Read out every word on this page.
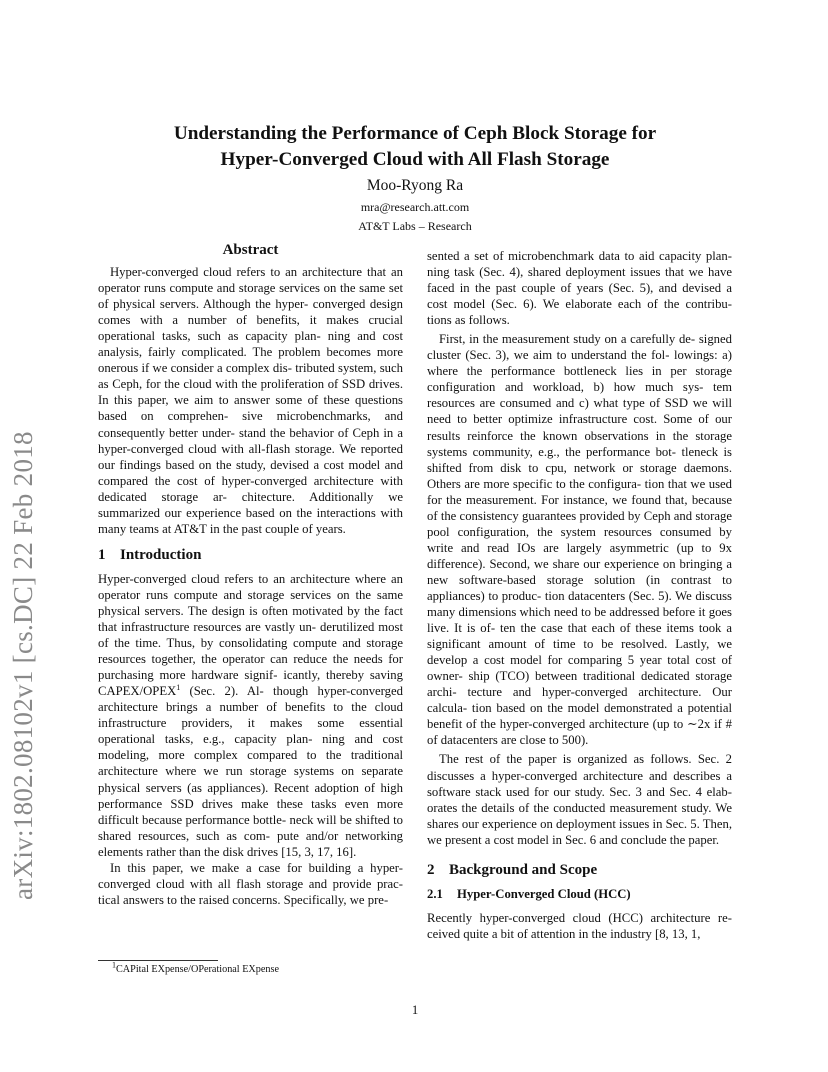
arXiv:1802.08102v1 [cs.DC] 22 Feb 2018
Understanding the Performance of Ceph Block Storage for
Hyper-Converged Cloud with All Flash Storage
Moo-Ryong Ra
mra@research.att.com
AT&T Labs – Research
Abstract

Hyper-converged cloud refers to an architecture that an operator runs compute and storage services on the same set of physical servers. Although the hyper- converged design comes with a number of benefits, it makes crucial operational tasks, such as capacity plan- ning and cost analysis, fairly complicated. The problem becomes more onerous if we consider a complex dis- tributed system, such as Ceph, for the cloud with the proliferation of SSD drives. In this paper, we aim to answer some of these questions based on comprehen- sive microbenchmarks, and consequently better under- stand the behavior of Ceph in a hyper-converged cloud with all-flash storage. We reported our findings based on the study, devised a cost model and compared the cost of hyper-converged architecture with dedicated storage ar- chitecture. Additionally we summarized our experience based on the interactions with many teams at AT&T in the past couple of years.

1 Introduction

Hyper-converged cloud refers to an architecture where an operator runs compute and storage services on the same physical servers. The design is often motivated by the fact that infrastructure resources are vastly un- derutilized most of the time. Thus, by consolidating compute and storage resources together, the operator can reduce the needs for purchasing more hardware signif- icantly, thereby saving CAPEX/OPEX$^1$ (Sec. 2). Al- though hyper-converged architecture brings a number of benefits to the cloud infrastructure providers, it makes some essential operational tasks, e.g., capacity plan- ning and cost modeling, more complex compared to the traditional architecture where we run storage systems on separate physical servers (as appliances). Recent adoption of high performance SSD drives make these tasks even more difficult because performance bottle- neck will be shifted to shared resources, such as com- pute and/or networking elements rather than the disk drives [15, 3, 17, 16].

In this paper, we make a case for building a hyper- converged cloud with all flash storage and provide prac- tical answers to the raised concerns. Specifically, we pre-

sented a set of microbenchmark data to aid capacity plan- ning task (Sec. 4), shared deployment issues that we have faced in the past couple of years (Sec. 5), and devised a cost model (Sec. 6). We elaborate each of the contribu- tions as follows.

First, in the measurement study on a carefully de- signed cluster (Sec. 3), we aim to understand the fol- lowings: a) where the performance bottleneck lies in per storage configuration and workload, b) how much sys- tem resources are consumed and c) what type of SSD we will need to better optimize infrastructure cost. Some of our results reinforce the known observations in the storage systems community, e.g., the performance bot- tleneck is shifted from disk to cpu, network or storage daemons. Others are more specific to the configura- tion that we used for the measurement. For instance, we found that, because of the consistency guarantees provided by Ceph and storage pool configuration, the system resources consumed by write and read IOs are largely asymmetric (up to 9x difference). Second, we share our experience on bringing a new software-based storage solution (in contrast to appliances) to produc- tion datacenters (Sec. 5). We discuss many dimensions which need to be addressed before it goes live. It is of- ten the case that each of these items took a significant amount of time to be resolved. Lastly, we develop a cost model for comparing 5 year total cost of owner- ship (TCO) between traditional dedicated storage archi- tecture and hyper-converged architecture. Our calcula- tion based on the model demonstrated a potential benefit of the hyper-converged architecture (up to ∼2x if # of datacenters are close to 500).

The rest of the paper is organized as follows. Sec. 2 discusses a hyper-converged architecture and describes a software stack used for our study. Sec. 3 and Sec. 4 elab- orates the details of the conducted measurement study. We shares our experience on deployment issues in Sec. 5. Then, we present a cost model in Sec. 6 and conclude the paper.

2 Background and Scope
2.1 Hyper-Converged Cloud (HCC)

Recently hyper-converged cloud (HCC) architecture re- ceived quite a bit of attention in the industry [8, 13, 1,

$^1$CAPital EXpense/OPerational EXpense
1
